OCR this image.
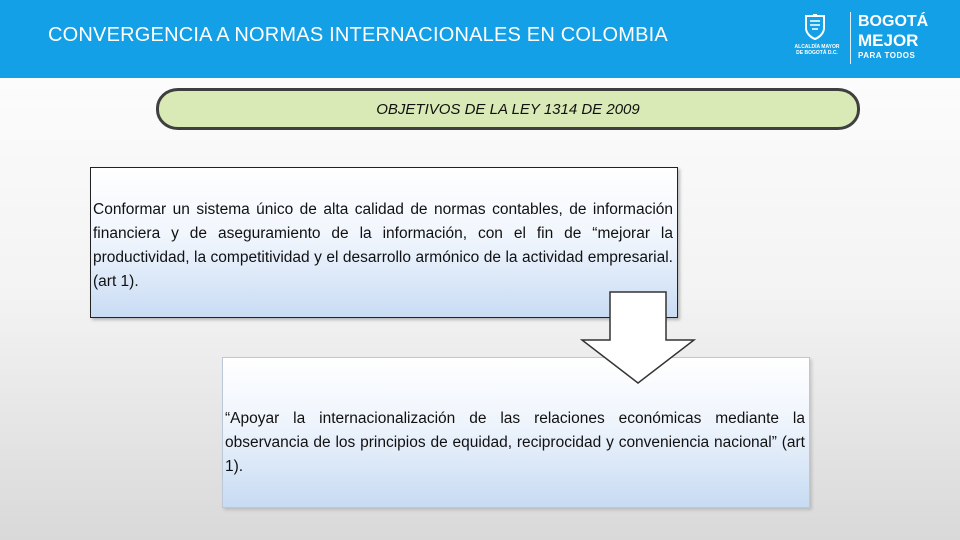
CONVERGENCIA A NORMAS INTERNACIONALES EN COLOMBIA
ALCALDÍA MAYOR
DE BOGOTÁ D.C.
BOGOTÁ
MEJOR
PARA TODOS
OBJETIVOS DE LA LEY 1314 DE 2009
Conformar un sistema único de alta calidad de normas contables, de información financiera y de aseguramiento de la información, con el fin de “mejorar la productividad, la competitividad y el desarrollo armónico de la actividad empresarial. (art 1).
“Apoyar la internacionalización de las relaciones económicas mediante la observancia de los principios de equidad, reciprocidad y conveniencia nacional” (art 1).
